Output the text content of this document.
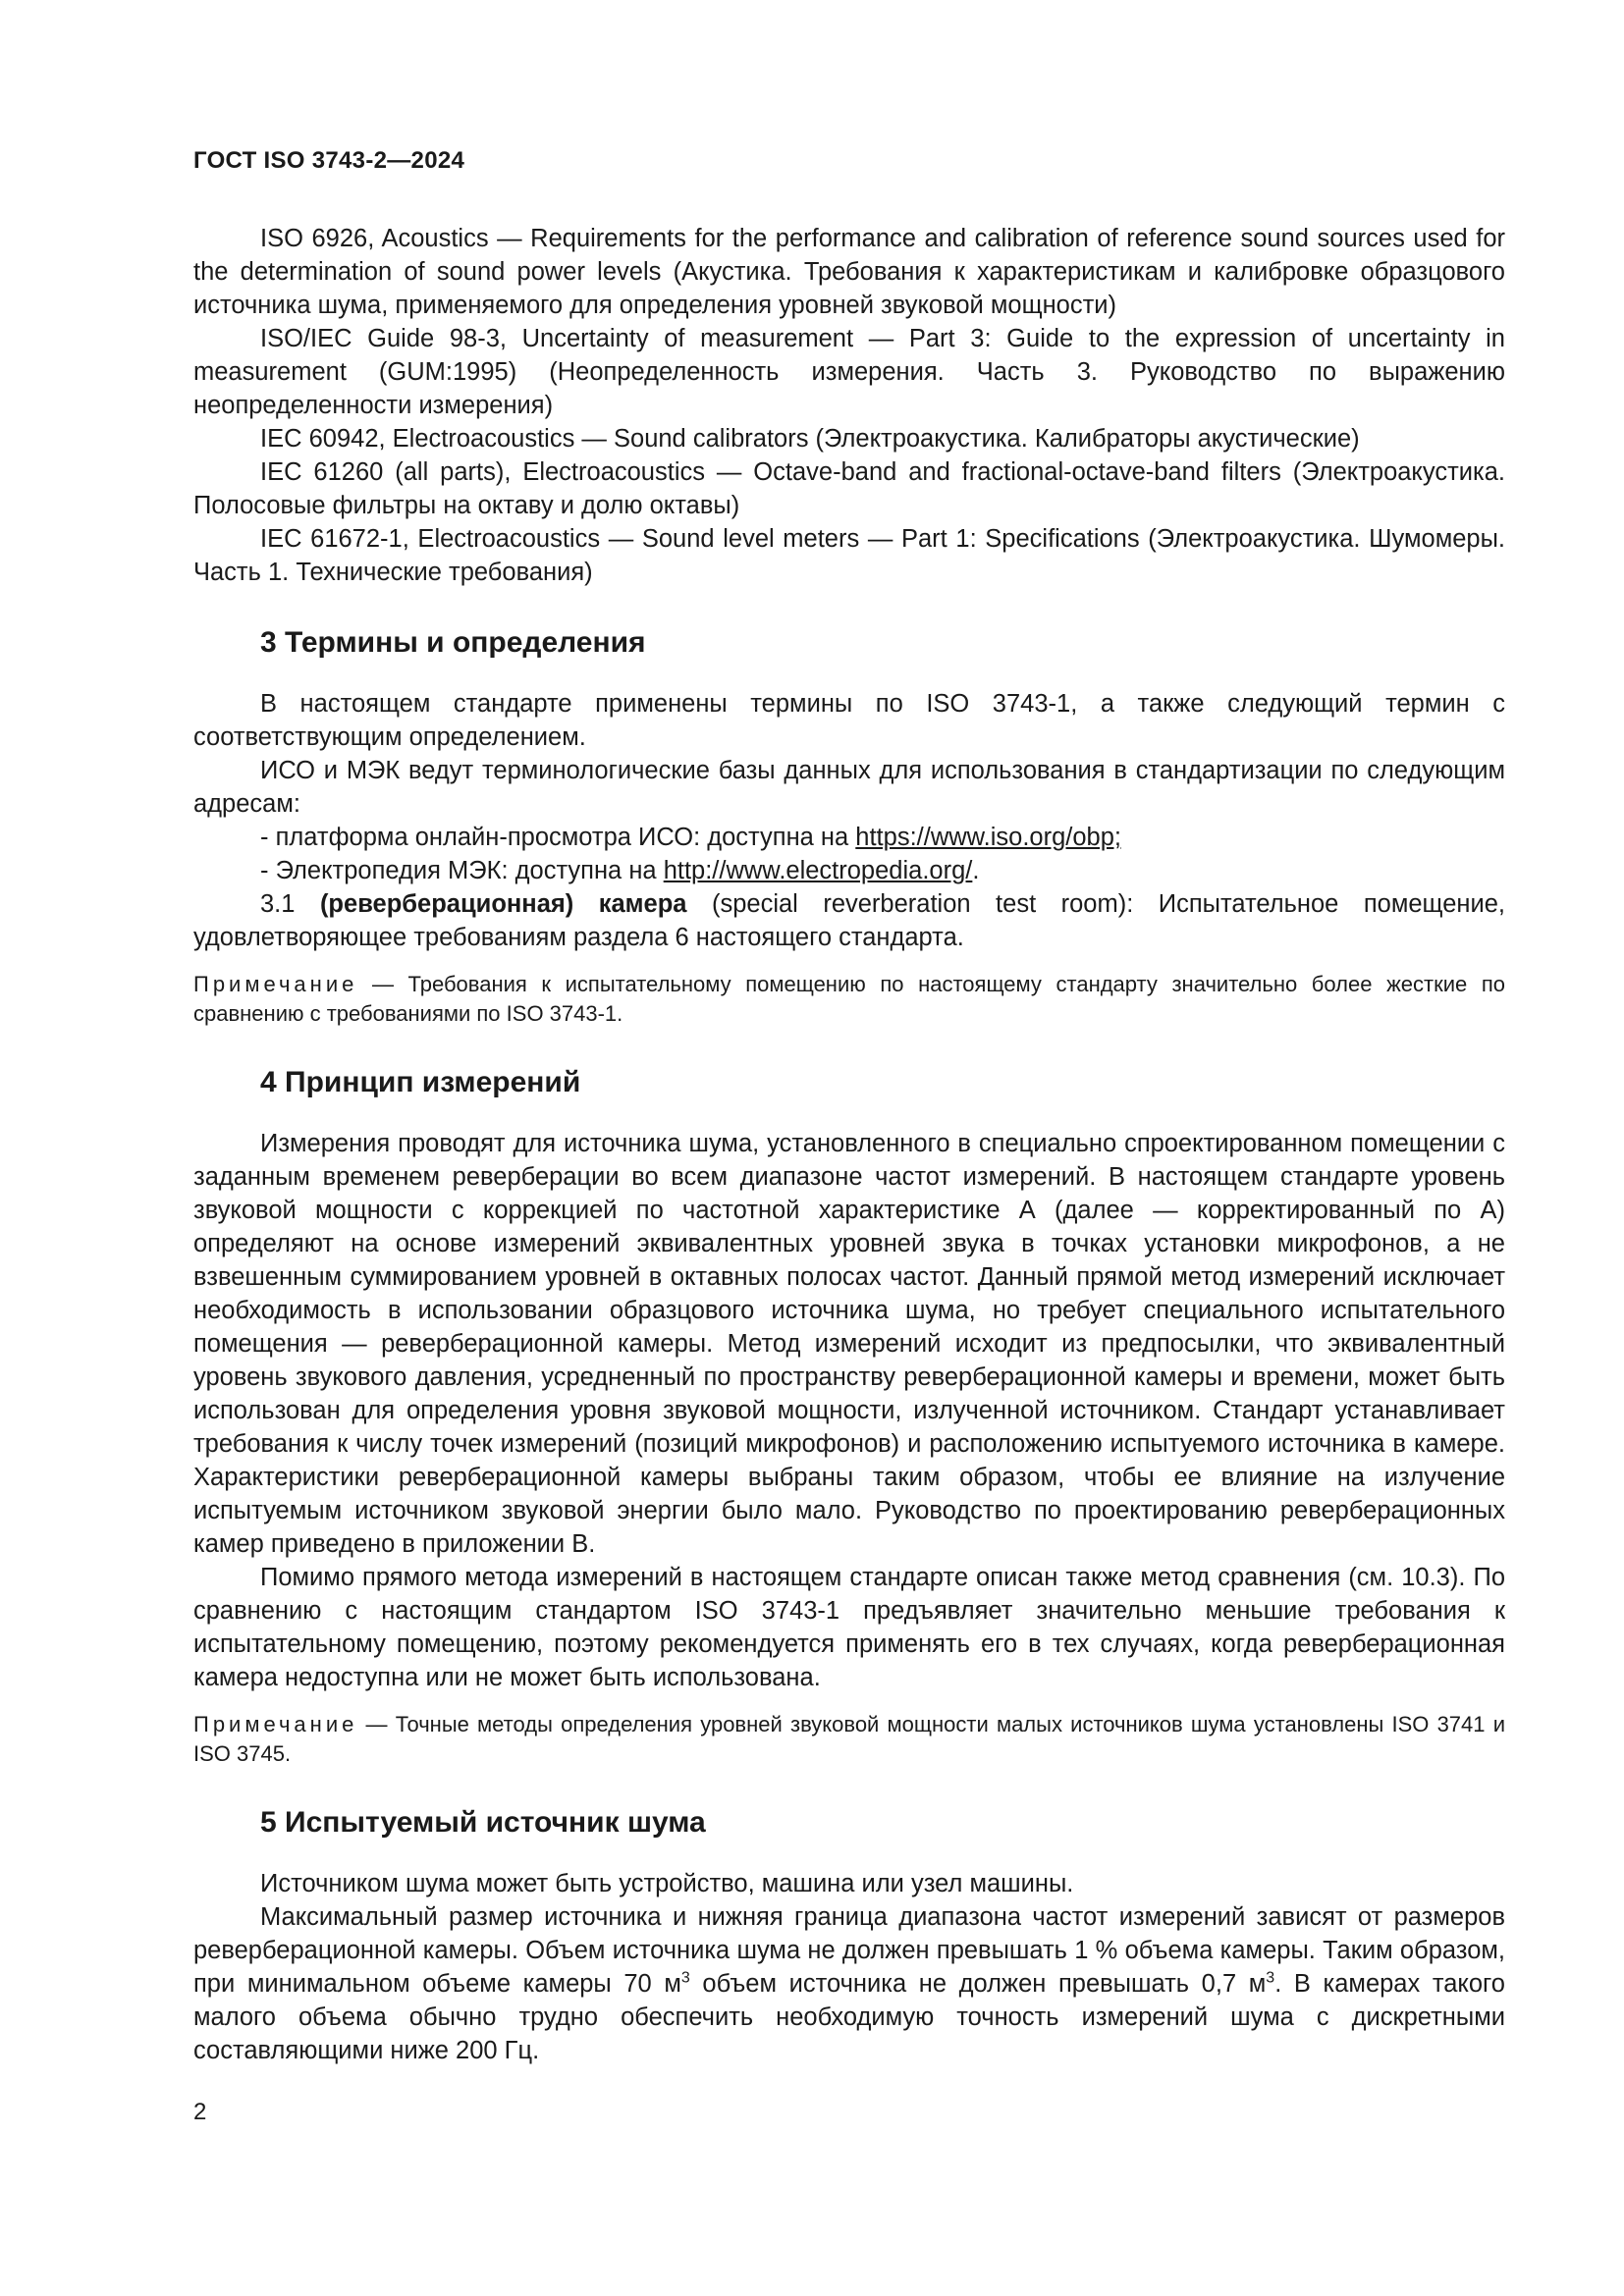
ГОСТ ISO 3743-2—2024

ISO 6926, Acoustics — Requirements for the performance and calibration of reference sound sources used for the determination of sound power levels (Акустика. Требования к характеристикам и калибровке образцового источника шума, применяемого для определения уровней звуковой мощности)

ISO/IEC Guide 98-3, Uncertainty of measurement — Part 3: Guide to the expression of uncertainty in measurement (GUM:1995) (Неопределенность измерения. Часть 3. Руководство по выражению неопределенности измерения)

IEC 60942, Electroacoustics — Sound calibrators (Электроакустика. Калибраторы акустические)

IEC 61260 (all parts), Electroacoustics — Octave-band and fractional-octave-band filters (Электроакустика. Полосовые фильтры на октаву и долю октавы)

IEC 61672-1, Electroacoustics — Sound level meters — Part 1: Specifications (Электроакустика. Шумомеры. Часть 1. Технические требования)

3 Термины и определения

В настоящем стандарте применены термины по ISO 3743-1, а также следующий термин с соответствующим определением.

ИСО и МЭК ведут терминологические базы данных для использования в стандартизации по следующим адресам:

- платформа онлайн-просмотра ИСО: доступна на https://www.iso.org/obp;

- Электропедия МЭК: доступна на http://www.electropedia.org/.

3.1 (реверберационная) камера (special reverberation test room): Испытательное помещение, удовлетворяющее требованиям раздела 6 настоящего стандарта.

Примечание — Требования к испытательному помещению по настоящему стандарту значительно более жесткие по сравнению с требованиями по ISO 3743-1.

4 Принцип измерений

Измерения проводят для источника шума, установленного в специально спроектированном помещении с заданным временем реверберации во всем диапазоне частот измерений. В настоящем стандарте уровень звуковой мощности с коррекцией по частотной характеристике А (далее — корректированный по А) определяют на основе измерений эквивалентных уровней звука в точках установки микрофонов, а не взвешенным суммированием уровней в октавных полосах частот. Данный прямой метод измерений исключает необходимость в использовании образцового источника шума, но требует специального испытательного помещения — реверберационной камеры. Метод измерений исходит из предпосылки, что эквивалентный уровень звукового давления, усредненный по пространству реверберационной камеры и времени, может быть использован для определения уровня звуковой мощности, излученной источником. Стандарт устанавливает требования к числу точек измерений (позиций микрофонов) и расположению испытуемого источника в камере. Характеристики реверберационной камеры выбраны таким образом, чтобы ее влияние на излучение испытуемым источником звуковой энергии было мало. Руководство по проектированию реверберационных камер приведено в приложении В.

Помимо прямого метода измерений в настоящем стандарте описан также метод сравнения (см. 10.3). По сравнению с настоящим стандартом ISO 3743-1 предъявляет значительно меньшие требования к испытательному помещению, поэтому рекомендуется применять его в тех случаях, когда реверберационная камера недоступна или не может быть использована.

Примечание — Точные методы определения уровней звуковой мощности малых источников шума установлены ISO 3741 и ISO 3745.

5 Испытуемый источник шума

Источником шума может быть устройство, машина или узел машины.

Максимальный размер источника и нижняя граница диапазона частот измерений зависят от размеров реверберационной камеры. Объем источника шума не должен превышать 1 % объема камеры. Таким образом, при минимальном объеме камеры 70 $м^3$ объем источника не должен превышать 0,7 $м^3$. В камерах такого малого объема обычно трудно обеспечить необходимую точность измерений шума с дискретными составляющими ниже 200 Гц.

2
